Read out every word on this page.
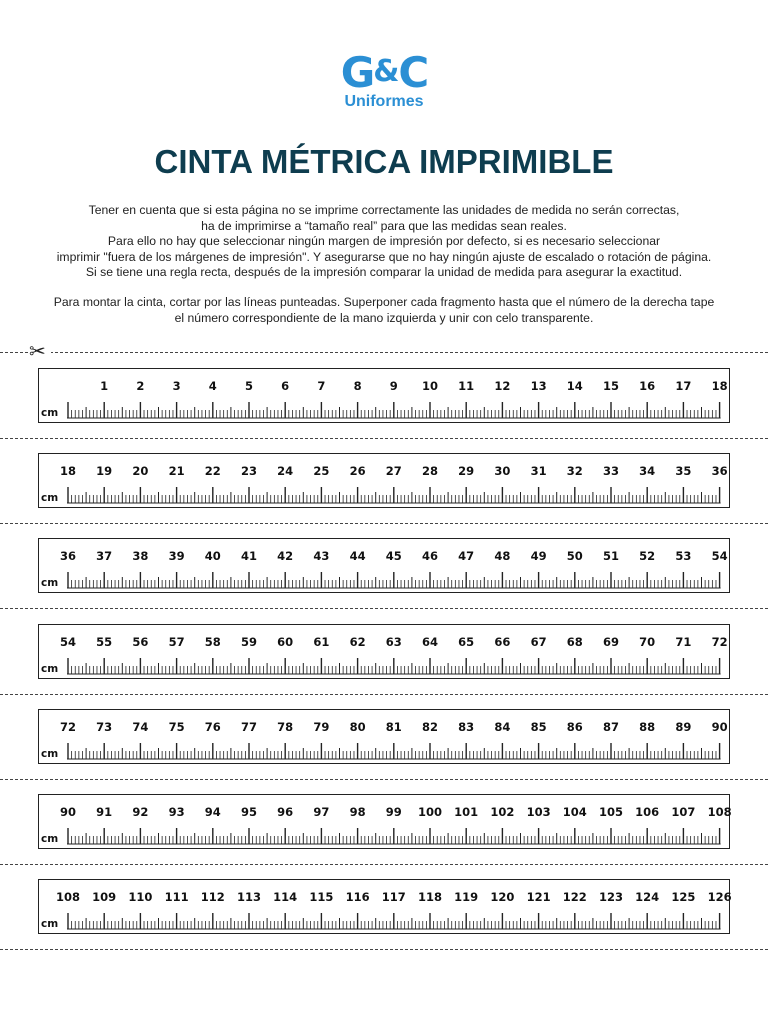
G&C
Uniformes
CINTA MÉTRICA IMPRIMIBLE
Tener en cuenta que si esta página no se imprime correctamente las unidades de medida no serán correctas,
ha de imprimirse a “tamaño real” para que las medidas sean reales.
Para ello no hay que seleccionar ningún margen de impresión por defecto, si es necesario seleccionar
imprimir "fuera de los márgenes de impresión". Y asegurarse que no hay ningún ajuste de escalado o rotación de página.
Si se tiene una regla recta, después de la impresión comparar la unidad de medida para asegurar la exactitud.
Para montar la cinta, cortar por las líneas punteadas. Superponer cada fragmento hasta que el número de la derecha tape
el número correspondiente de la mano izquierda y unir con celo transparente.
✂
1	2	3	4	5	6	7	8	9	10	11	12	13	14	15	16	17	18
cm
18	19	20	21	22	23	24	25	26	27	28	29	30	31	32	33	34	35	36
cm
36	37	38	39	40	41	42	43	44	45	46	47	48	49	50	51	52	53	54
cm
54	55	56	57	58	59	60	61	62	63	64	65	66	67	68	69	70	71	72
cm
72	73	74	75	76	77	78	79	80	81	82	83	84	85	86	87	88	89	90
cm
90	91	92	93	94	95	96	97	98	99	100 101 102 103 104 105 106 107 108
cm
108 109 110 111 112 113 114 115 116 117 118 119 120 121 122 123 124 125 126
cm
